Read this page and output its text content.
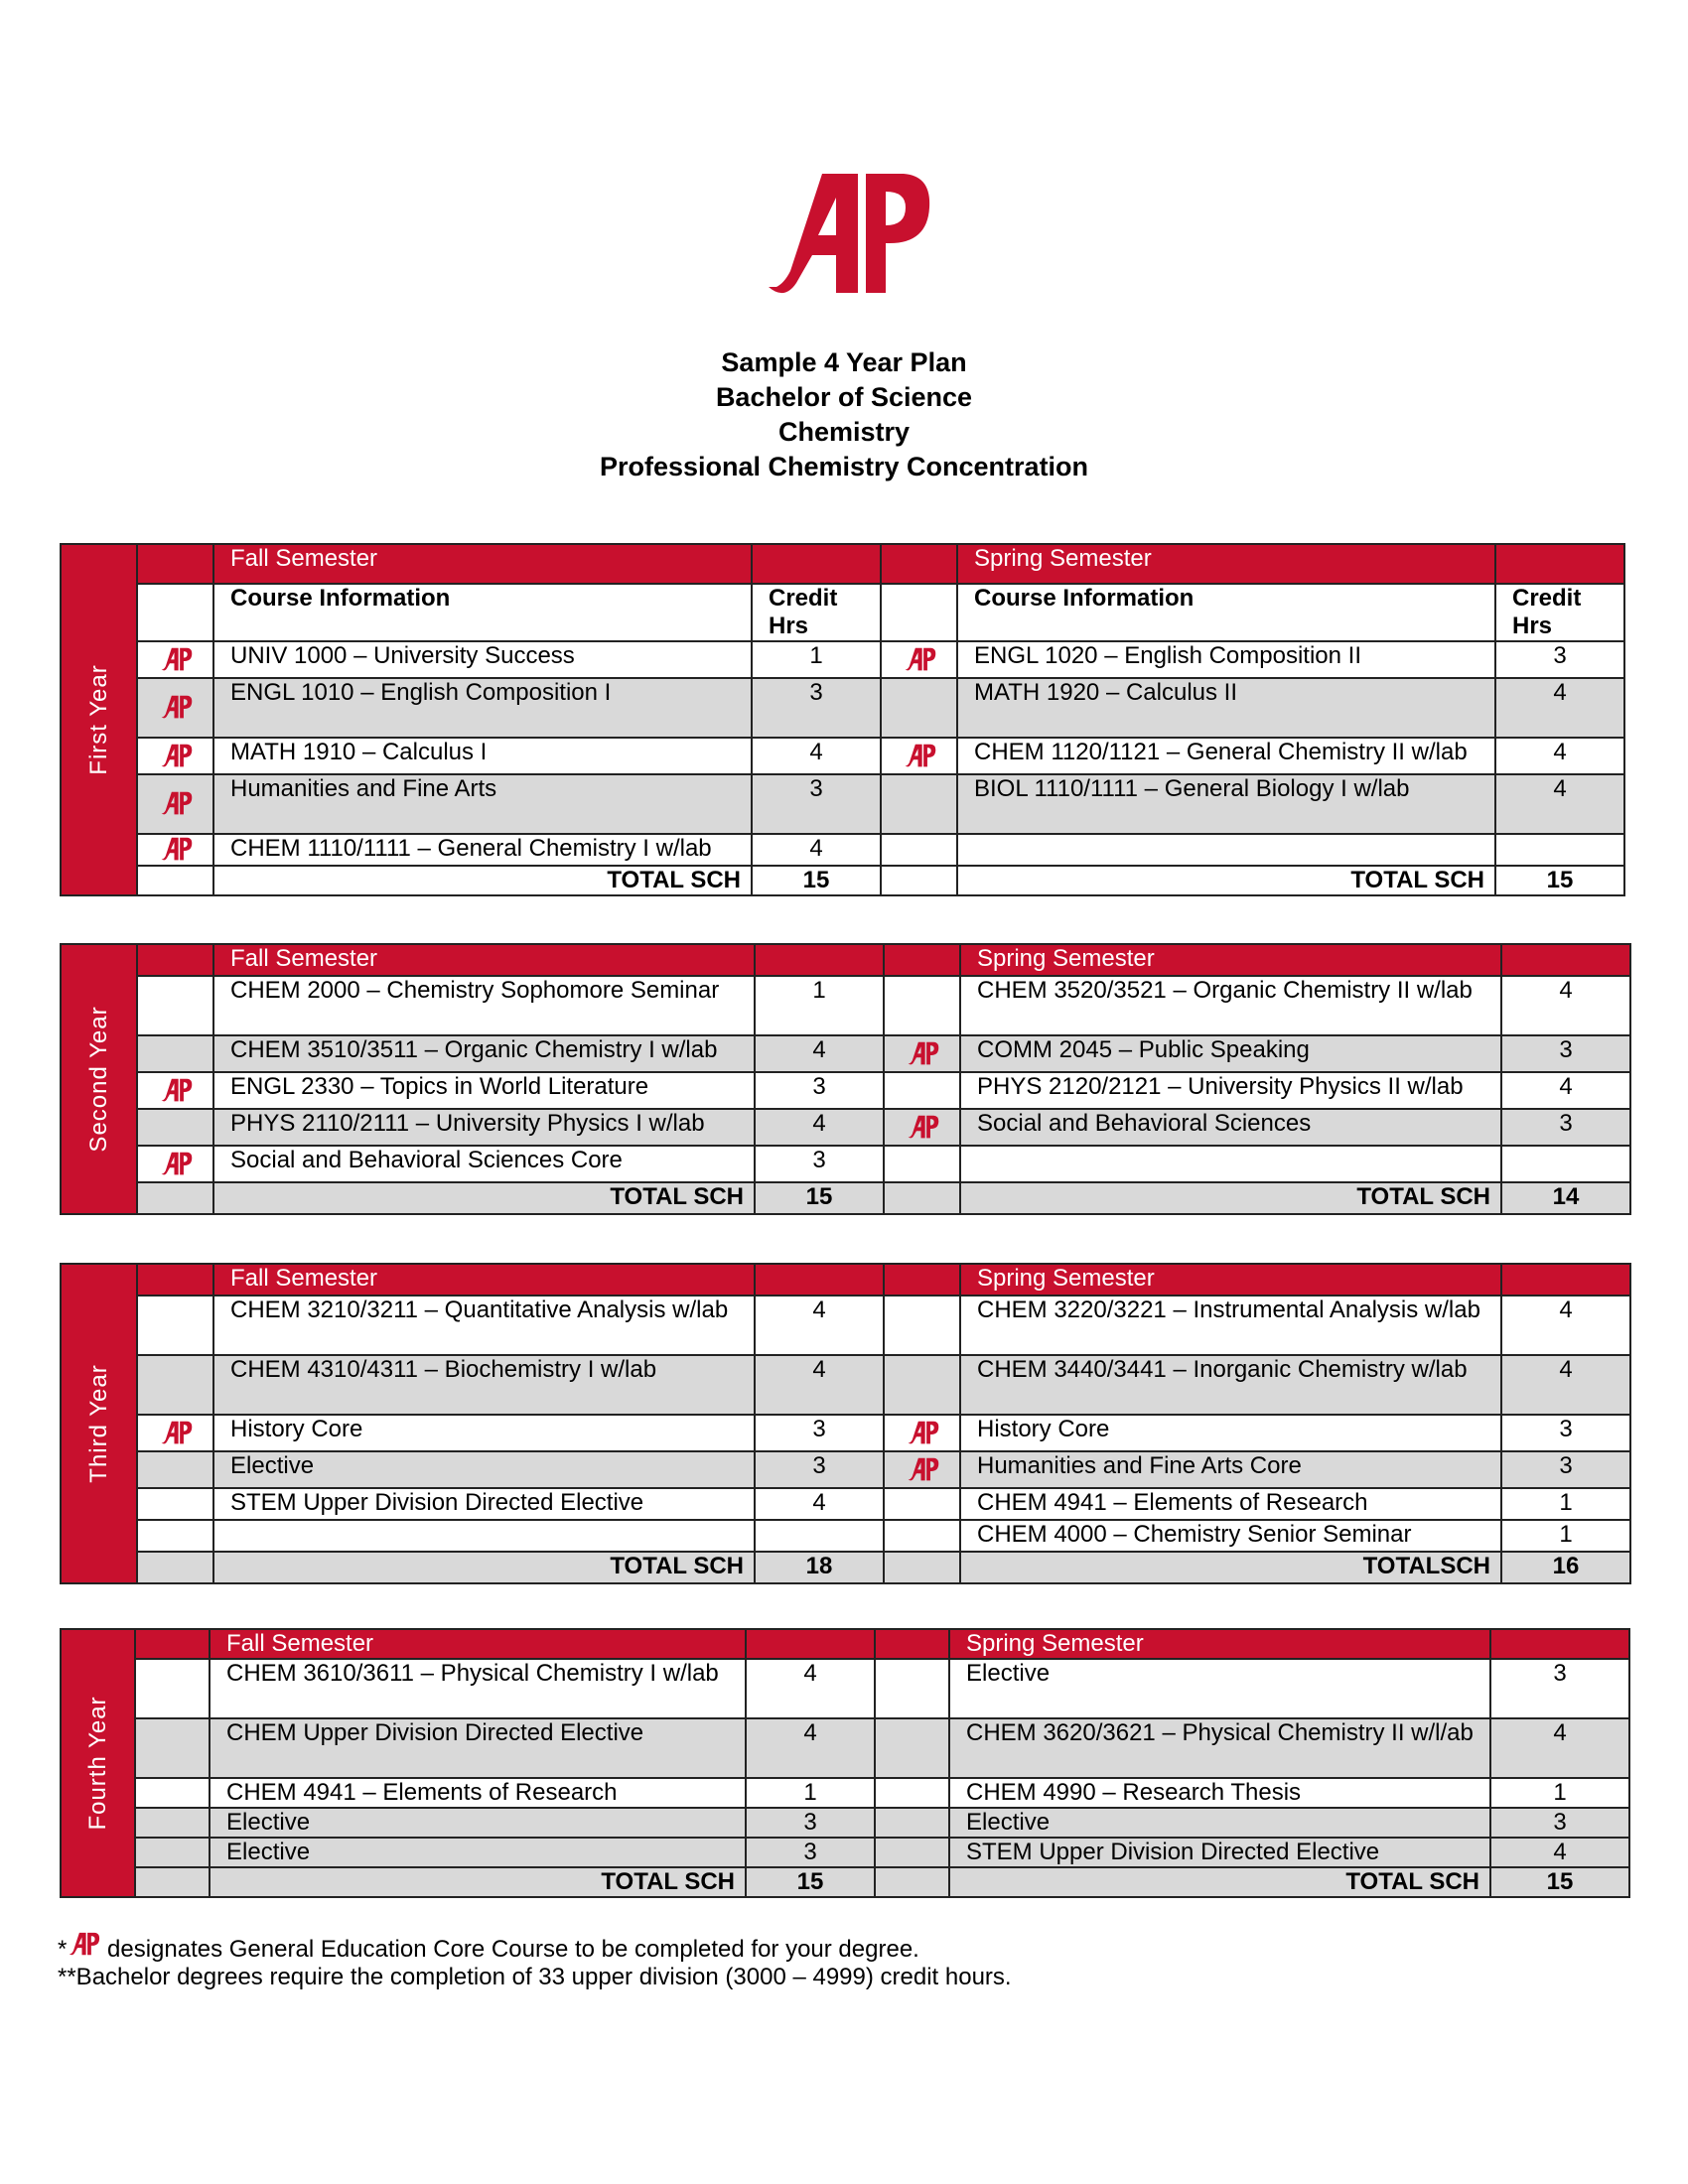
Sample 4 Year Plan
Bachelor of Science
Chemistry
Professional Chemistry Concentration
First Year		Fall Semester			Spring Semester	
		Course Information	Credit Hrs		Course Information	Credit Hrs
	UNIV 1000 – University Success	1		ENGL 1020 – English Composition II	3
	ENGL 1010 – English Composition I	3		MATH 1920 – Calculus II	4
	MATH 1910 – Calculus I	4		CHEM 1120/1121 – General Chemistry II w/lab	4
	Humanities and Fine Arts	3		BIOL 1110/1111 – General Biology I w/lab	4
	CHEM 1110/1111 – General Chemistry I w/lab	4			
		TOTAL SCH	15		TOTAL SCH	15
Second Year		Fall Semester			Spring Semester	
		CHEM 2000 – Chemistry Sophomore Seminar	1		CHEM 3520/3521 – Organic Chemistry II w/lab	4
		CHEM 3510/3511 – Organic Chemistry I w/lab	4		COMM 2045 – Public Speaking	3
	ENGL 2330 – Topics in World Literature	3		PHYS 2120/2121 – University Physics II w/lab	4
		PHYS 2110/2111 – University Physics I w/lab	4		Social and Behavioral Sciences	3
	Social and Behavioral Sciences Core	3			
		TOTAL SCH	15		TOTAL SCH	14
Third Year		Fall Semester			Spring Semester	
		CHEM 3210/3211 – Quantitative Analysis w/lab	4		CHEM 3220/3221 – Instrumental Analysis w/lab	4
		CHEM 4310/4311 – Biochemistry I w/lab	4		CHEM 3440/3441 – Inorganic Chemistry w/lab	4
	History Core	3		History Core	3
		Elective	3		Humanities and Fine Arts Core	3
		STEM Upper Division Directed Elective	4		CHEM 4941 – Elements of Research	1
					CHEM 4000 – Chemistry Senior Seminar	1
		TOTAL SCH	18		TOTALSCH	16
Fourth Year		Fall Semester			Spring Semester	
		CHEM 3610/3611 – Physical Chemistry I w/lab	4		Elective	3
		CHEM Upper Division Directed Elective	4		CHEM 3620/3621 – Physical Chemistry II w/l/ab	4
		CHEM 4941 – Elements of Research	1		CHEM 4990 – Research Thesis	1
		Elective	3		Elective	3
		Elective	3		STEM Upper Division Directed Elective	4
		TOTAL SCH	15		TOTAL SCH	15
* designates General Education Core Course to be completed for your degree.
**Bachelor degrees require the completion of 33 upper division (3000 – 4999) credit hours.
